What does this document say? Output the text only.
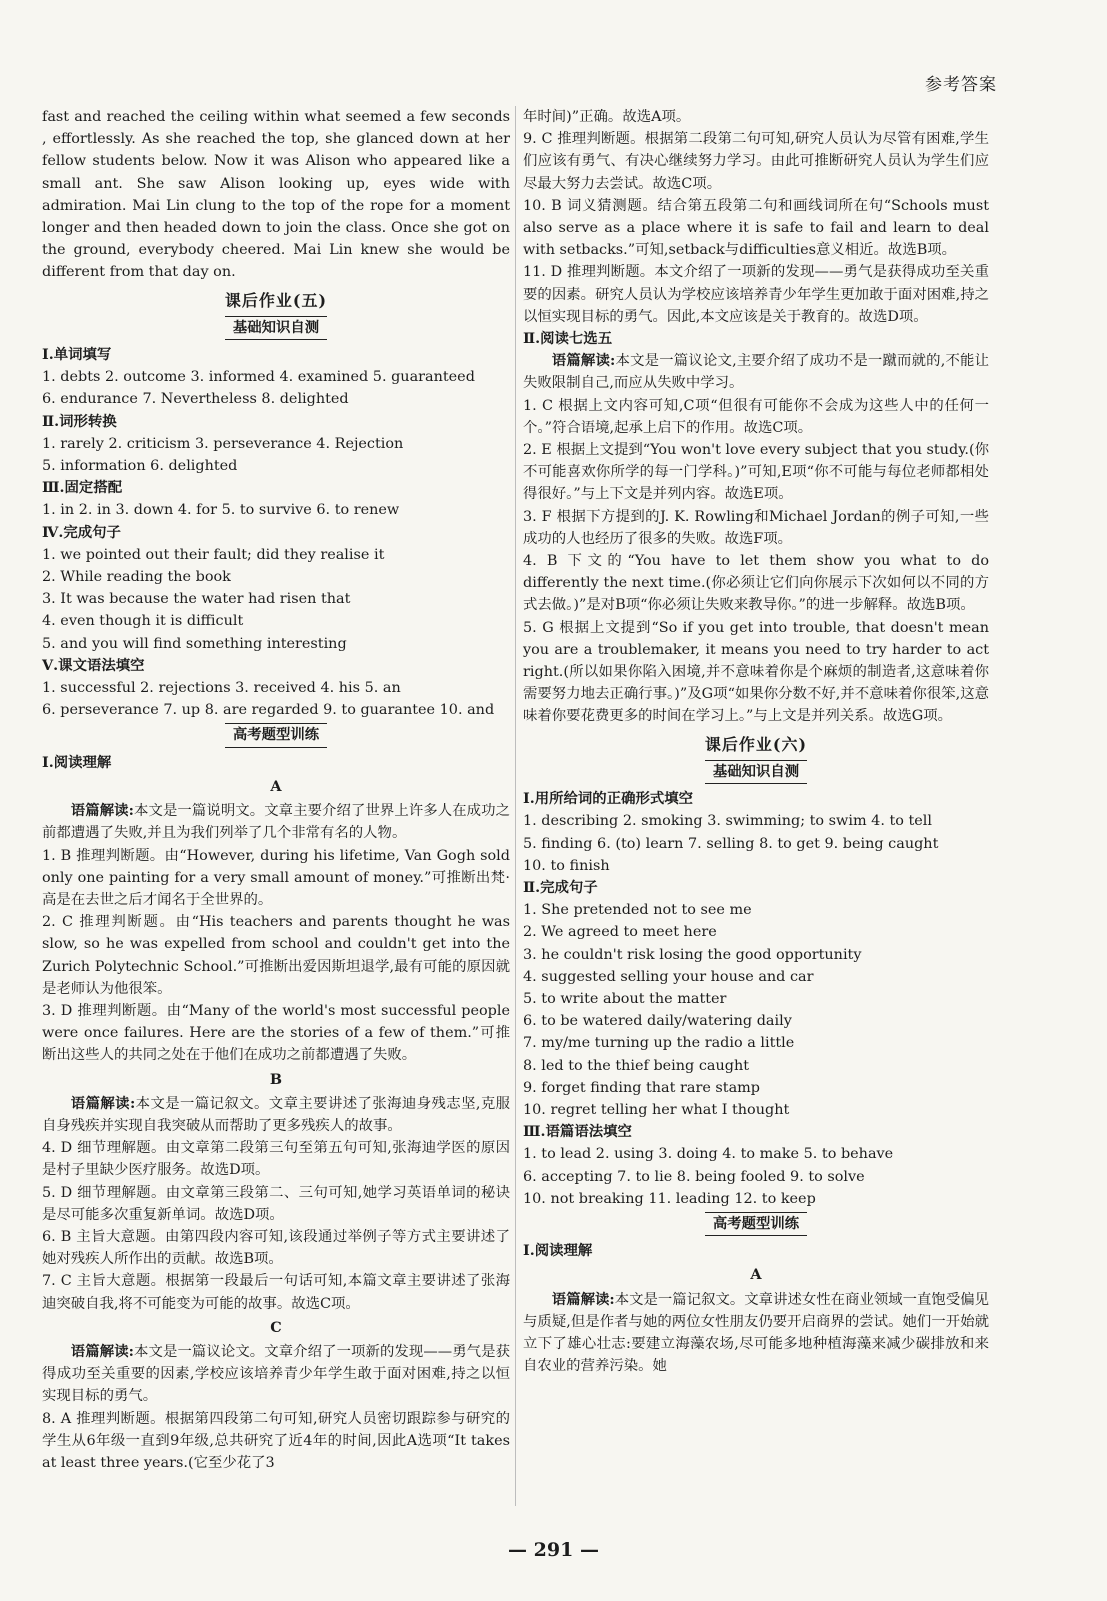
参考答案
fast and reached the ceiling within what seemed a few seconds , effortlessly. As she reached the top, she glanced down at her fellow students below. Now it was Alison who appeared like a small ant. She saw Alison looking up, eyes wide with admiration. Mai Lin clung to the top of the rope for a moment longer and then headed down to join the class. Once she got on the ground, everybody cheered. Mai Lin knew she would be different from that day on.
课后作业(五)
基础知识自测
Ⅰ.单词填写
1. debts 2. outcome 3. informed 4. examined 5. guaranteed
6. endurance 7. Nevertheless 8. delighted
Ⅱ.词形转换
1. rarely 2. criticism 3. perseverance 4. Rejection
5. information 6. delighted
Ⅲ.固定搭配
1. in 2. in 3. down 4. for 5. to survive 6. to renew
Ⅳ.完成句子
1. we pointed out their fault; did they realise it
2. While reading the book
3. It was because the water had risen that
4. even though it is difficult
5. and you will find something interesting
Ⅴ.课文语法填空
1. successful 2. rejections 3. received 4. his 5. an
6. perseverance 7. up 8. are regarded 9. to guarantee 10. and
高考题型训练
Ⅰ.阅读理解
A
语篇解读:本文是一篇说明文。文章主要介绍了世界上许多人在成功之前都遭遇了失败,并且为我们列举了几个非常有名的人物。
1. B 推理判断题。由“However, during his lifetime, Van Gogh sold only one painting for a very small amount of money.”可推断出梵·高是在去世之后才闻名于全世界的。
2. C 推理判断题。由“His teachers and parents thought he was slow, so he was expelled from school and couldn't get into the Zurich Polytechnic School.”可推断出爱因斯坦退学,最有可能的原因就是老师认为他很笨。
3. D 推理判断题。由“Many of the world's most successful people were once failures. Here are the stories of a few of them.”可推断出这些人的共同之处在于他们在成功之前都遭遇了失败。
B
语篇解读:本文是一篇记叙文。文章主要讲述了张海迪身残志坚,克服自身残疾并实现自我突破从而帮助了更多残疾人的故事。
4. D 细节理解题。由文章第二段第三句至第五句可知,张海迪学医的原因是村子里缺少医疗服务。故选D项。
5. D 细节理解题。由文章第三段第二、三句可知,她学习英语单词的秘诀是尽可能多次重复新单词。故选D项。
6. B 主旨大意题。由第四段内容可知,该段通过举例子等方式主要讲述了她对残疾人所作出的贡献。故选B项。
7. C 主旨大意题。根据第一段最后一句话可知,本篇文章主要讲述了张海迪突破自我,将不可能变为可能的故事。故选C项。
C
语篇解读:本文是一篇议论文。文章介绍了一项新的发现——勇气是获得成功至关重要的因素,学校应该培养青少年学生敢于面对困难,持之以恒实现目标的勇气。
8. A 推理判断题。根据第四段第二句可知,研究人员密切跟踪参与研究的学生从6年级一直到9年级,总共研究了近4年的时间,因此A选项“It takes at least three years.(它至少花了3
年时间)”正确。故选A项。
9. C 推理判断题。根据第二段第二句可知,研究人员认为尽管有困难,学生们应该有勇气、有决心继续努力学习。由此可推断研究人员认为学生们应尽最大努力去尝试。故选C项。
10. B 词义猜测题。结合第五段第二句和画线词所在句“Schools must also serve as a place where it is safe to fail and learn to deal with setbacks.”可知,setback与difficulties意义相近。故选B项。
11. D 推理判断题。本文介绍了一项新的发现——勇气是获得成功至关重要的因素。研究人员认为学校应该培养青少年学生更加敢于面对困难,持之以恒实现目标的勇气。因此,本文应该是关于教育的。故选D项。
Ⅱ.阅读七选五
语篇解读:本文是一篇议论文,主要介绍了成功不是一蹴而就的,不能让失败限制自己,而应从失败中学习。
1. C 根据上文内容可知,C项“但很有可能你不会成为这些人中的任何一个。”符合语境,起承上启下的作用。故选C项。
2. E 根据上文提到“You won't love every subject that you study.(你不可能喜欢你所学的每一门学科。)”可知,E项“你不可能与每位老师都相处得很好。”与上下文是并列内容。故选E项。
3. F 根据下方提到的J. K. Rowling和Michael Jordan的例子可知,一些成功的人也经历了很多的失败。故选F项。
4. B 下文的“You have to let them show you what to do differently the next time.(你必须让它们向你展示下次如何以不同的方式去做。)”是对B项“你必须让失败来教导你。”的进一步解释。故选B项。
5. G 根据上文提到“So if you get into trouble, that doesn't mean you are a troublemaker, it means you need to try harder to act right.(所以如果你陷入困境,并不意味着你是个麻烦的制造者,这意味着你需要努力地去正确行事。)”及G项“如果你分数不好,并不意味着你很笨,这意味着你要花费更多的时间在学习上。”与上文是并列关系。故选G项。
课后作业(六)
基础知识自测
Ⅰ.用所给词的正确形式填空
1. describing 2. smoking 3. swimming; to swim 4. to tell
5. finding 6. (to) learn 7. selling 8. to get 9. being caught
10. to finish
Ⅱ.完成句子
1. She pretended not to see me
2. We agreed to meet here
3. he couldn't risk losing the good opportunity
4. suggested selling your house and car
5. to write about the matter
6. to be watered daily/watering daily
7. my/me turning up the radio a little
8. led to the thief being caught
9. forget finding that rare stamp
10. regret telling her what I thought
Ⅲ.语篇语法填空
1. to lead 2. using 3. doing 4. to make 5. to behave
6. accepting 7. to lie 8. being fooled 9. to solve
10. not breaking 11. leading 12. to keep
高考题型训练
Ⅰ.阅读理解
A
语篇解读:本文是一篇记叙文。文章讲述女性在商业领域一直饱受偏见与质疑,但是作者与她的两位女性朋友仍要开启商界的尝试。她们一开始就立下了雄心壮志:要建立海藻农场,尽可能多地种植海藻来减少碳排放和来自农业的营养污染。她
— 291 —
